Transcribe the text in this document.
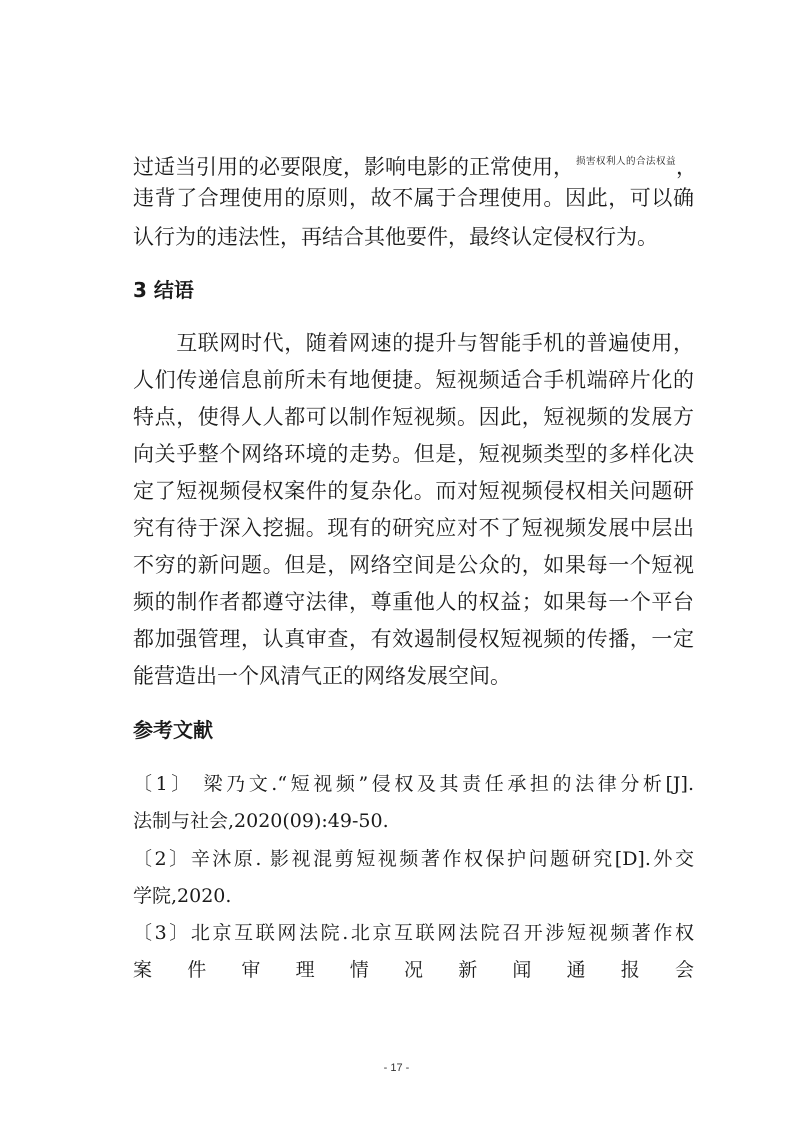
过适当引用的必要限度，影响电影的正常使用， $^{损害权利人的合法权益}$，
违背了合理使用的原则，故不属于合理使用。因此，可以确
认行为的违法性，再结合其他要件，最终认定侵权行为。
3 结语
　　互联网时代，随着网速的提升与智能手机的普遍使用，
人们传递信息前所未有地便捷。短视频适合手机端碎片化的
特点，使得人人都可以制作短视频。因此，短视频的发展方
向关乎整个网络环境的走势。但是，短视频类型的多样化决
定了短视频侵权案件的复杂化。而对短视频侵权相关问题研
究有待于深入挖掘。现有的研究应对不了短视频发展中层出
不穷的新问题。但是，网络空间是公众的，如果每一个短视
频的制作者都遵守法律，尊重他人的权益；如果每一个平台
都加强管理，认真审查，有效遏制侵权短视频的传播，一定
能营造出一个风清气正的网络发展空间。
参考文献
〔1〕 梁乃文.“短视频”侵权及其责任承担的法律分析[J].
法制与社会,2020(09):49-50.
〔2〕辛沐原. 影视混剪短视频著作权保护问题研究[D].外交
学院,2020.
〔3〕北京互联网法院.北京互联网法院召开涉短视频著作权
案　件　审　理　情　况　新　闻　通　报　会
- 17 -
